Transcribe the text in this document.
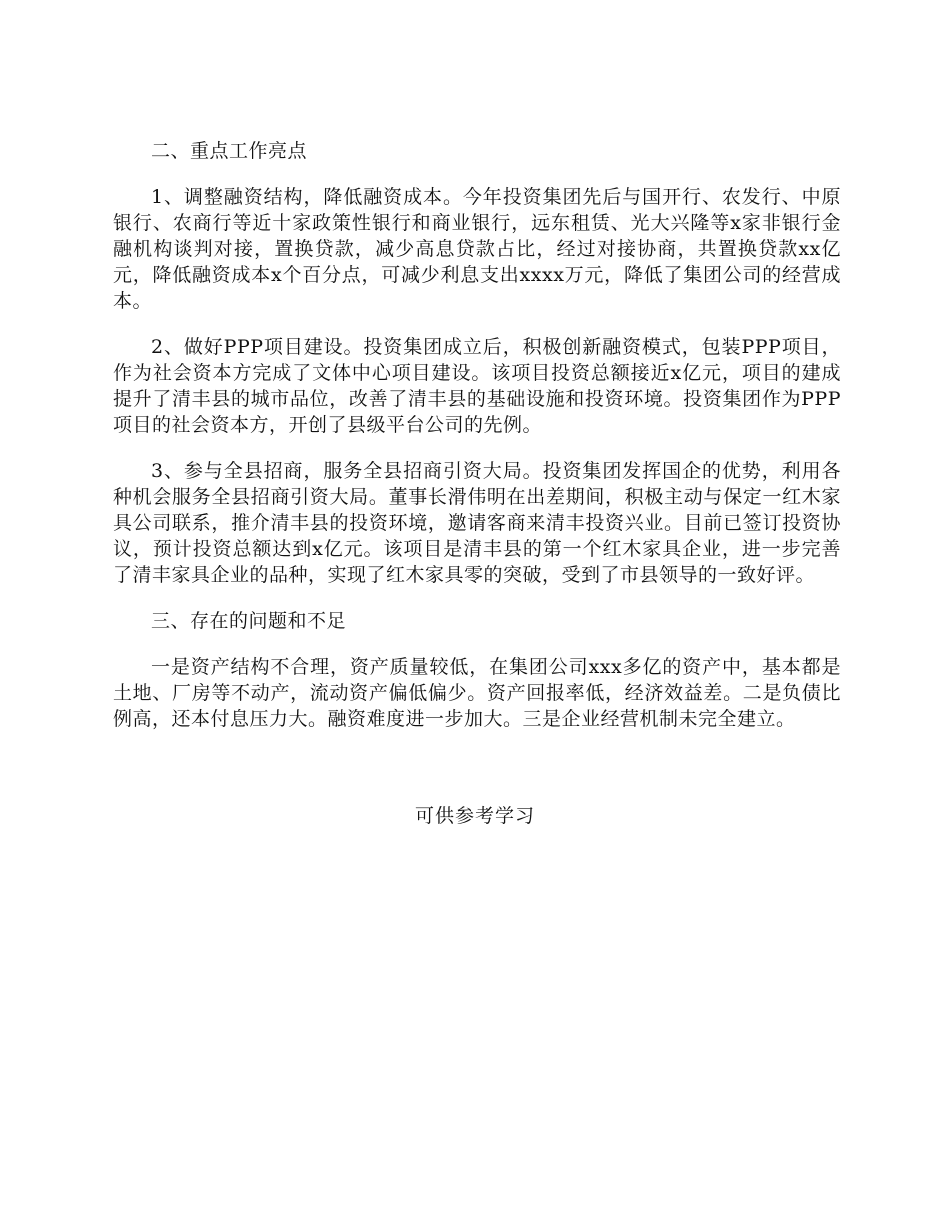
二、重点工作亮点
1、调整融资结构，降低融资成本。今年投资集团先后与国开行、农发行、中原银行、农商行等近十家政策性银行和商业银行，远东租赁、光大兴隆等x家非银行金融机构谈判对接，置换贷款，减少高息贷款占比，经过对接协商，共置换贷款xx亿元，降低融资成本x个百分点，可减少利息支出xxxx万元，降低了集团公司的经营成本。
2、做好PPP项目建设。投资集团成立后，积极创新融资模式，包装PPP项目，作为社会资本方完成了文体中心项目建设。该项目投资总额接近x亿元，项目的建成提升了清丰县的城市品位，改善了清丰县的基础设施和投资环境。投资集团作为PPP项目的社会资本方，开创了县级平台公司的先例。
3、参与全县招商，服务全县招商引资大局。投资集团发挥国企的优势，利用各种机会服务全县招商引资大局。董事长滑伟明在出差期间，积极主动与保定一红木家具公司联系，推介清丰县的投资环境，邀请客商来清丰投资兴业。目前已签订投资协议，预计投资总额达到x亿元。该项目是清丰县的第一个红木家具企业，进一步完善了清丰家具企业的品种，实现了红木家具零的突破，受到了市县领导的一致好评。
三、存在的问题和不足
一是资产结构不合理，资产质量较低，在集团公司xxx多亿的资产中，基本都是土地、厂房等不动产，流动资产偏低偏少。资产回报率低，经济效益差。二是负债比例高，还本付息压力大。融资难度进一步加大。三是企业经营机制未完全建立。
可供参考学习
